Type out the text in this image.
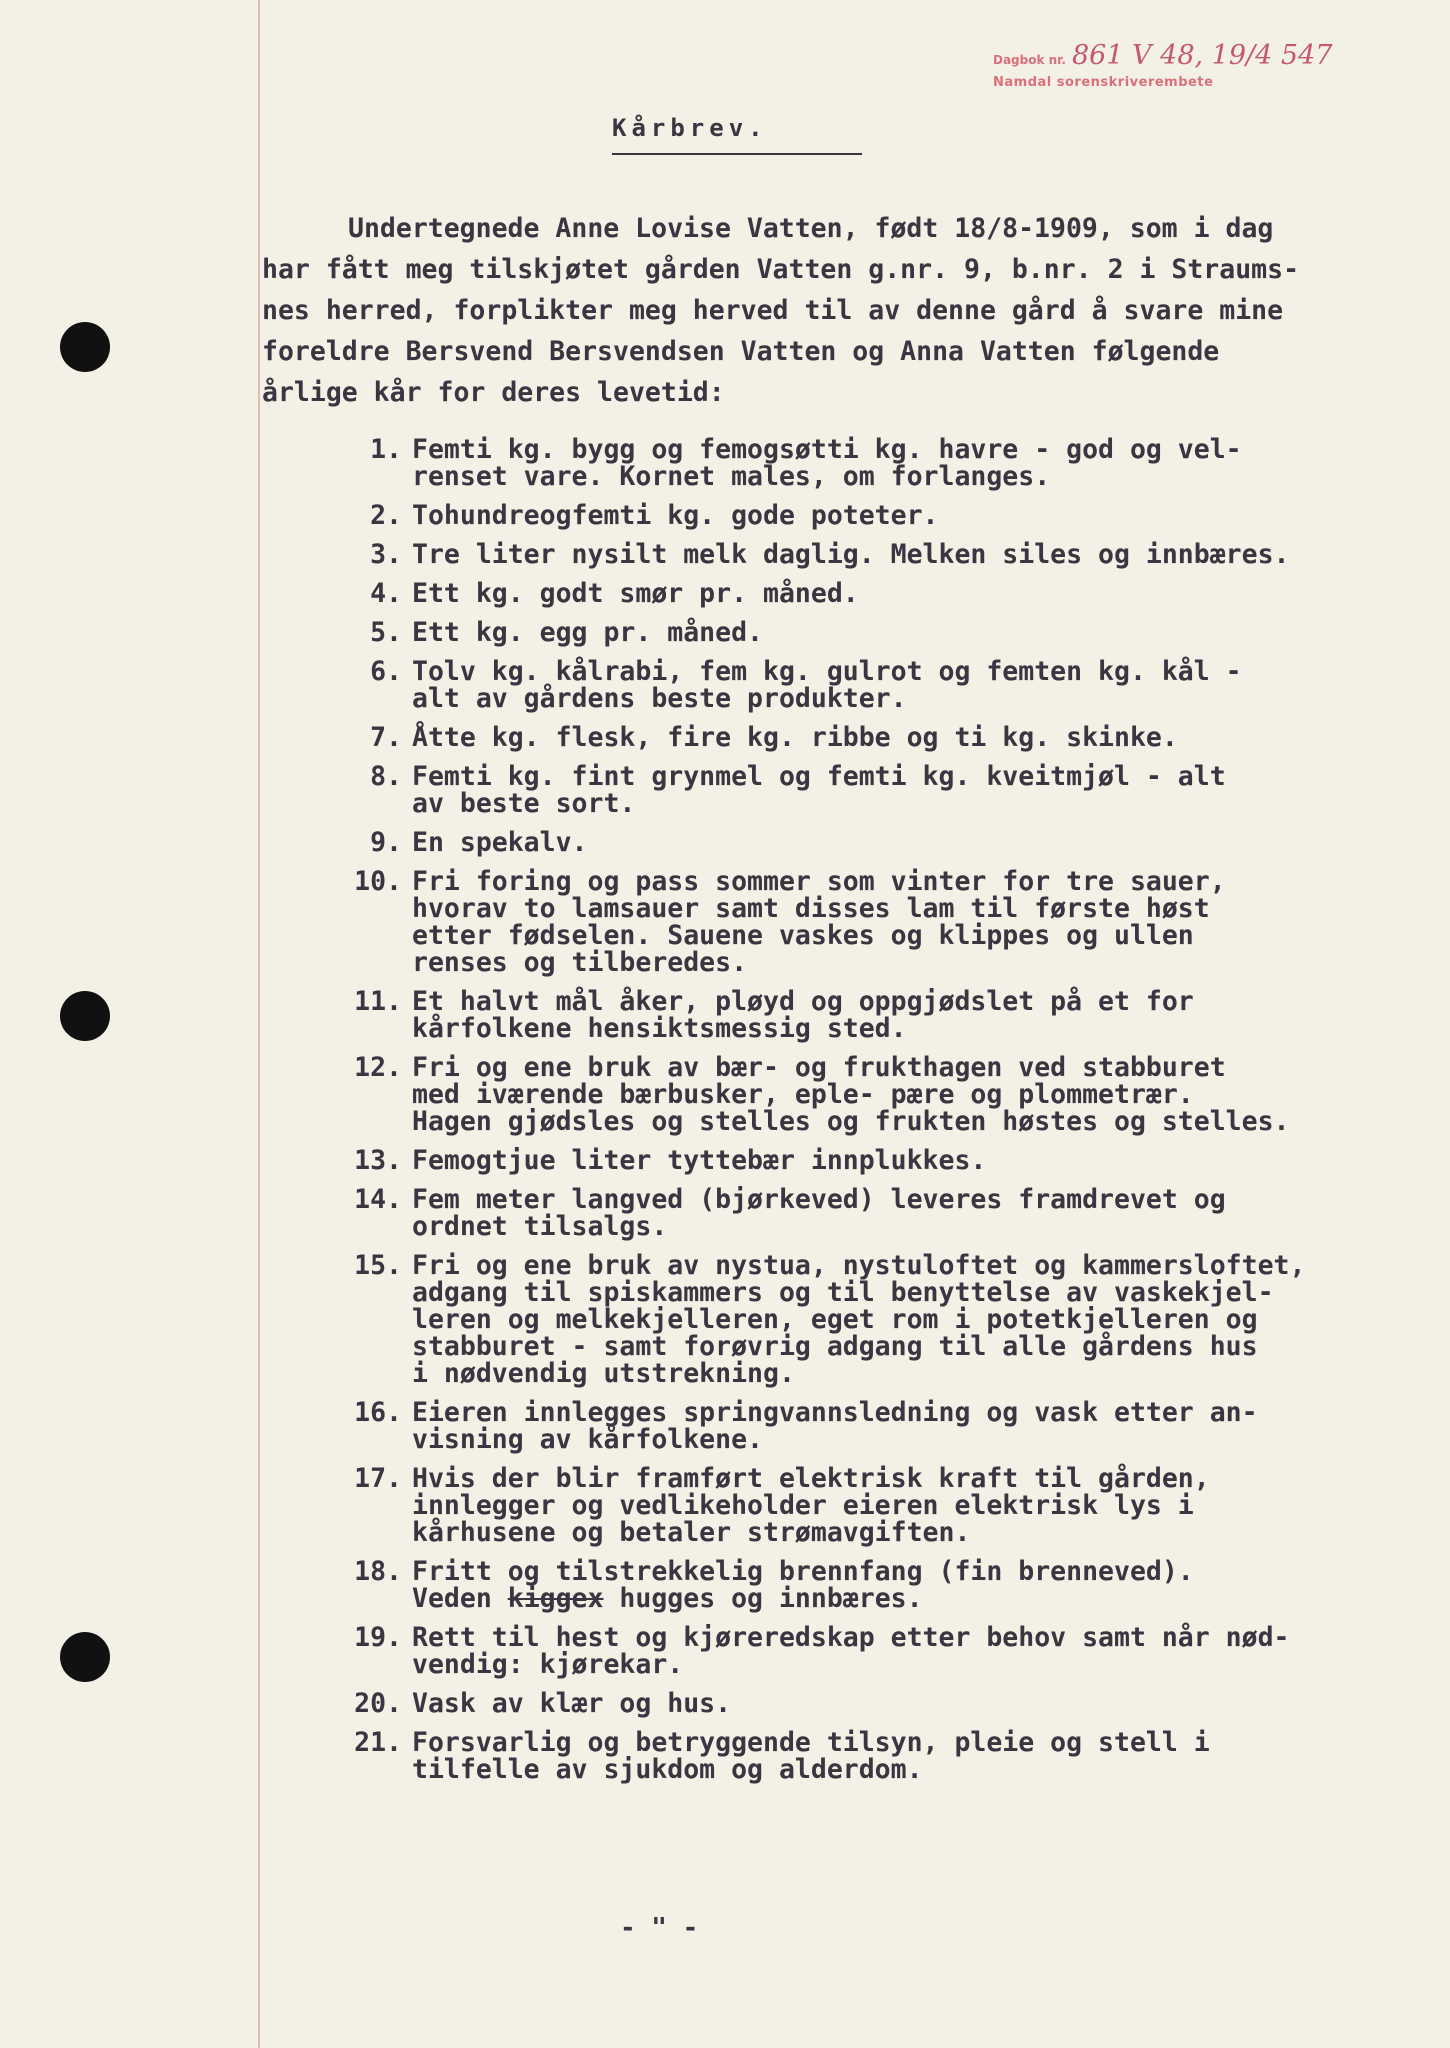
Dagbok nr. 861 V 48, 19/4 547
Namdal sorenskriverembete
Kårbrev.
Undertegnede Anne Lovise Vatten, født 18/8-1909, som i dag
har fått meg tilskjøtet gården Vatten g.nr. 9, b.nr. 2 i Straums-
nes herred, forplikter meg herved til av denne gård å svare mine
foreldre Bersvend Bersvendsen Vatten og Anna Vatten følgende
årlige kår for deres levetid:
1. Femti kg. bygg og femogsøtti kg. havre - god og vel-
renset vare. Kornet males, om forlanges.
2. Tohundreogfemti kg. gode poteter.
3. Tre liter nysilt melk daglig. Melken siles og innbæres.
4. Ett kg. godt smør pr. måned.
5. Ett kg. egg pr. måned.
6. Tolv kg. kålrabi, fem kg. gulrot og femten kg. kål -
alt av gårdens beste produkter.
7. Åtte kg. flesk, fire kg. ribbe og ti kg. skinke.
8. Femti kg. fint grynmel og femti kg. kveitmjøl - alt
av beste sort.
9. En spekalv.
10. Fri foring og pass sommer som vinter for tre sauer,
hvorav to lamsauer samt disses lam til første høst
etter fødselen. Sauene vaskes og klippes og ullen
renses og tilberedes.
11. Et halvt mål åker, pløyd og oppgjødslet på et for
kårfolkene hensiktsmessig sted.
12. Fri og ene bruk av bær- og frukthagen ved stabburet
med iværende bærbusker, eple- pære og plommetrær.
Hagen gjødsles og stelles og frukten høstes og stelles.
13. Femogtjue liter tyttebær innplukkes.
14. Fem meter langved (bjørkeved) leveres framdrevet og
ordnet tilsalgs.
15. Fri og ene bruk av nystua, nystuloftet og kammersloftet,
adgang til spiskammers og til benyttelse av vaskekjel-
leren og melkekjelleren, eget rom i potetkjelleren og
stabburet - samt forøvrig adgang til alle gårdens hus
i nødvendig utstrekning.
16. Eieren innlegges springvannsledning og vask etter an-
visning av kårfolkene.
17. Hvis der blir framført elektrisk kraft til gården,
innlegger og vedlikeholder eieren elektrisk lys i
kårhusene og betaler strømavgiften.
18. Fritt og tilstrekkelig brennfang (fin brenneved).
Veden kiggex hugges og innbæres.
19. Rett til hest og kjøreredskap etter behov samt når nød-
vendig: kjørekar.
20. Vask av klær og hus.
21. Forsvarlig og betryggende tilsyn, pleie og stell i
tilfelle av sjukdom og alderdom.
- " -
